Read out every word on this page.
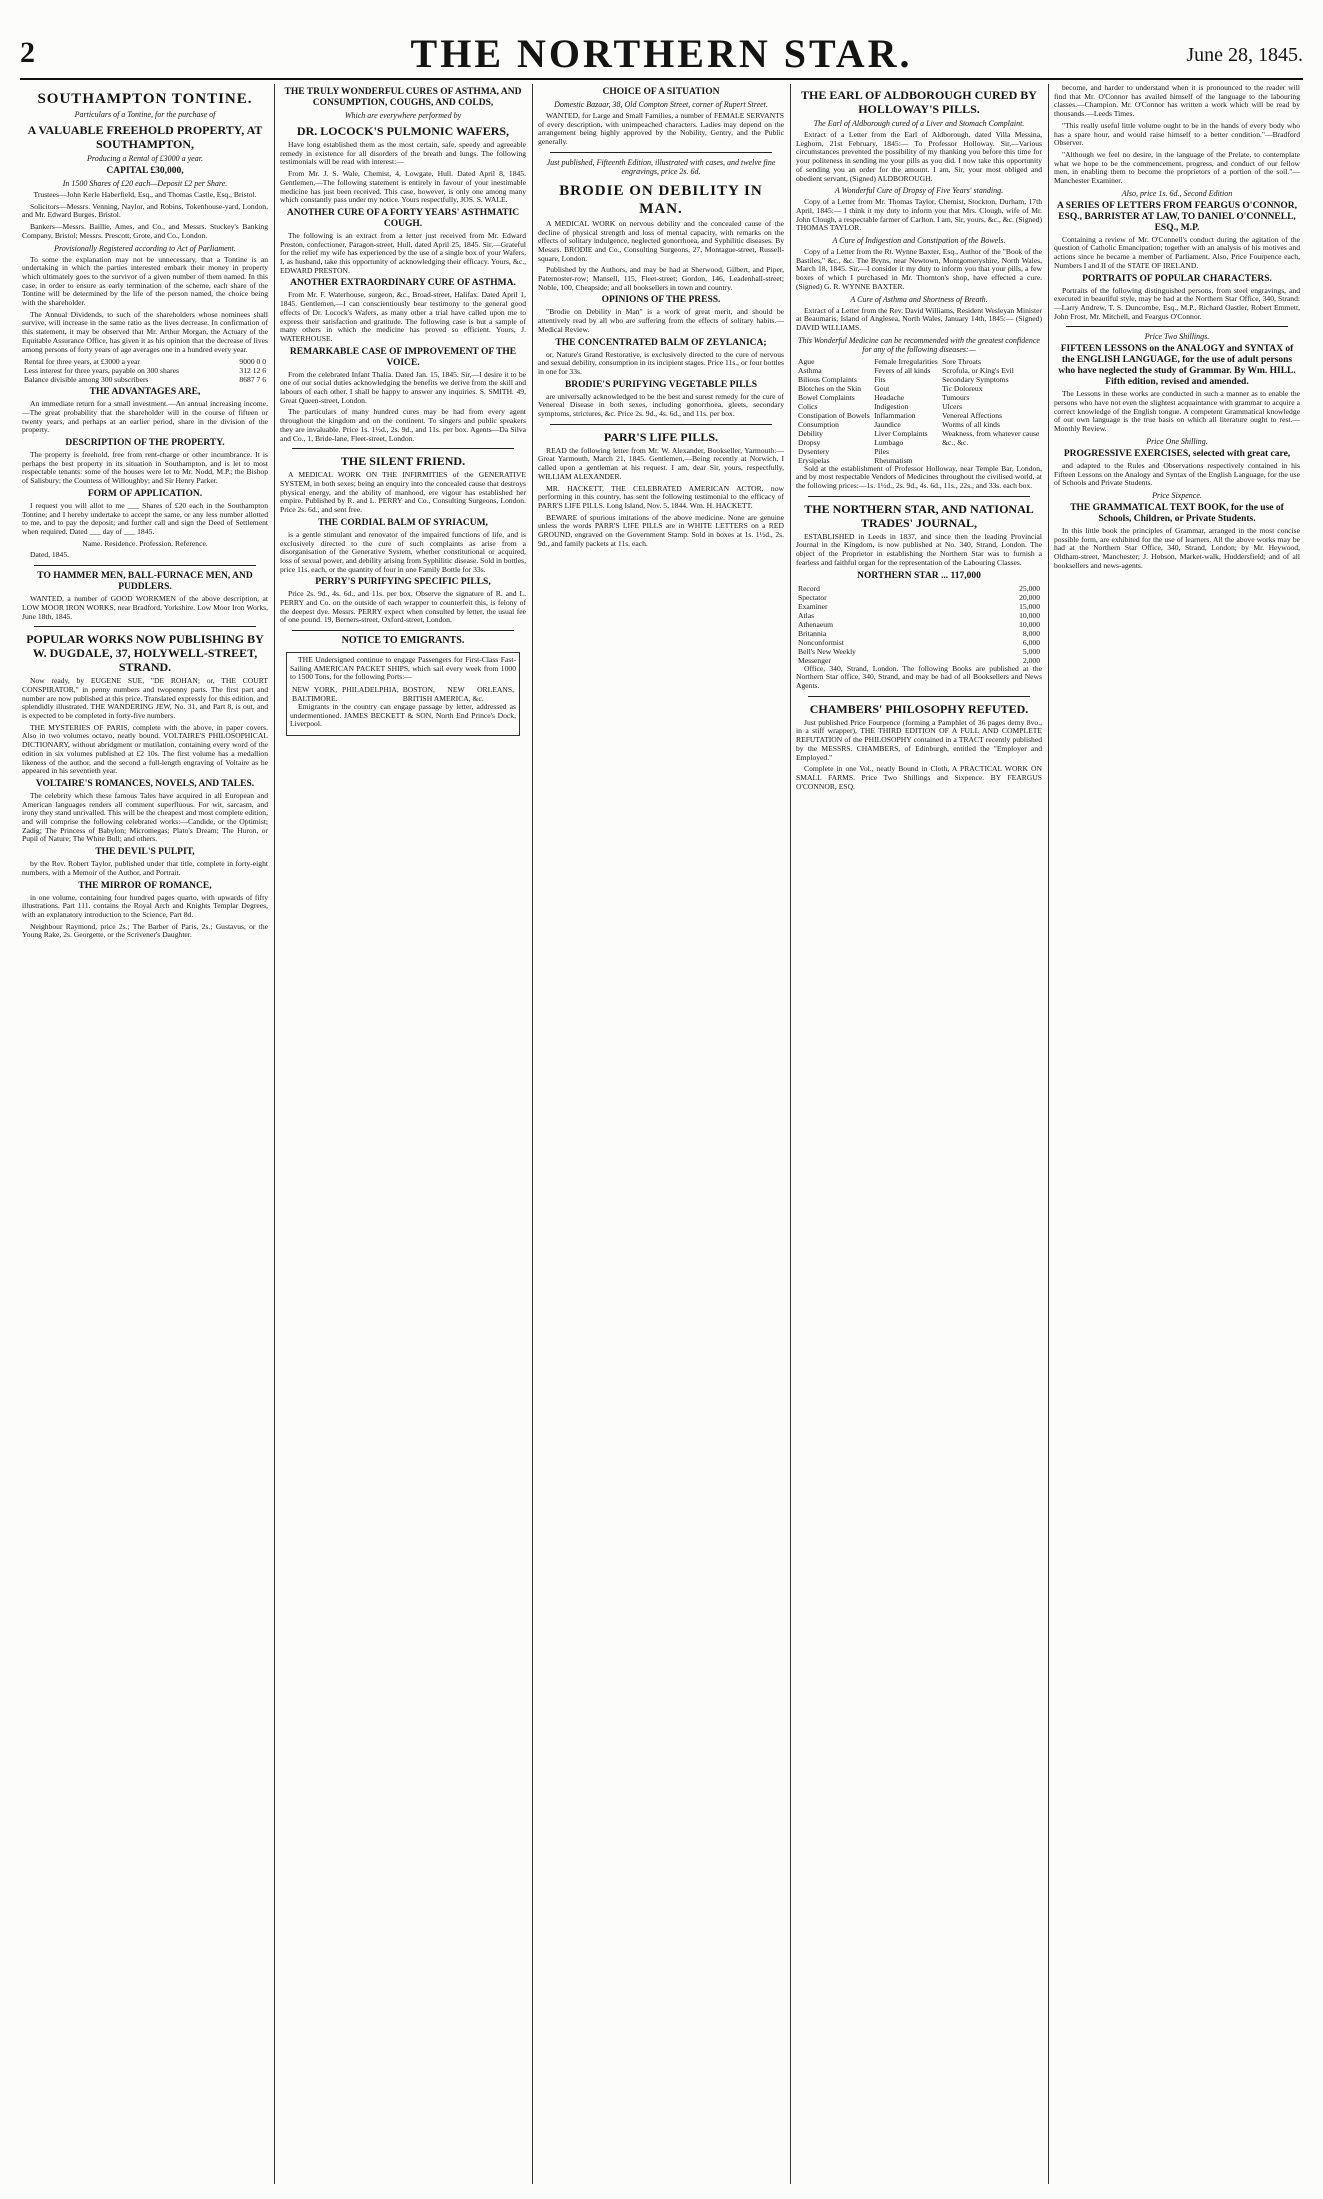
2	THE NORTHERN STAR.	June 28, 1845.
SOUTHAMPTON TONTINE.
Particulars of a Tontine, for the purchase of
A VALUABLE FREEHOLD PROPERTY, AT SOUTHAMPTON,
Producing a Rental of £3000 a year.
CAPITAL £30,000,
In 1500 Shares of £20 each—Deposit £2 per Share.

Trustees—John Kerle Haberfield, Esq., and Thomas Castle, Esq., Bristol.

Solicitors—Messrs. Venning, Naylor, and Robins, Tokenhouse-yard, London, and Mr. Edward Burges, Bristol.

Bankers—Messrs. Baillie, Ames, and Co., and Messrs. Stuckey's Banking Company, Bristol; Messrs. Prescott, Grote, and Co., London.

Provisionally Registered according to Act of Parliament.

To some the explanation may not be unnecessary, that a Tontine is an undertaking in which the parties interested embark their money in property which ultimately goes to the survivor of a given number of them named. In this case, in order to ensure as early termination of the scheme, each share of the Tontine will be determined by the life of the person named, the choice being with the shareholder.

The Annual Dividends, to such of the shareholders whose nominees shall survive, will increase in the same ratio as the lives decrease. In confirmation of this statement, it may be observed that Mr. Arthur Morgan, the Actuary of the Equitable Assurance Office, has given it as his opinion that the decrease of lives among persons of forty years of age averages one in a hundred every year.

Rental for three years, at £3000 a year	9000 0 0
Less interest for three years, payable on 300 shares	312 12 6
Balance divisible among 300 subscribers	8687 7 6
THE ADVANTAGES ARE,

An immediate return for a small investment.—An annual increasing income.—The great probability that the shareholder will in the course of fifteen or twenty years, and perhaps at an earlier period, share in the division of the property.

DESCRIPTION OF THE PROPERTY.

The property is freehold, free from rent-charge or other incumbrance. It is perhaps the best property in its situation in Southampton, and is let to most respectable tenants: some of the houses were let to Mr. Nodd, M.P.; the Bishop of Salisbury; the Countess of Willoughby; and Sir Henry Parker.

FORM OF APPLICATION.

I request you will allot to me ___ Shares of £20 each in the Southampton Tontine; and I hereby undertake to accept the same, or any less number allotted to me, and to pay the deposit; and further call and sign the Deed of Settlement when required. Dated ___ day of ___ 1845.

Name. Residence. Profession. Reference.

Dated, 1845.

TO HAMMER MEN, BALL-FURNACE MEN, AND PUDDLERS.

WANTED, a number of GOOD WORKMEN of the above description, at LOW MOOR IRON WORKS, near Bradford, Yorkshire. Low Moor Iron Works, June 18th, 1845.

POPULAR WORKS NOW PUBLISHING BY W. DUGDALE, 37, HOLYWELL-STREET, STRAND.

Now ready, by EUGENE SUE, "DE ROHAN; or, THE COURT CONSPIRATOR," in penny numbers and twopenny parts. The first part and number are now published at this price. Translated expressly for this edition, and splendidly illustrated. THE WANDERING JEW, No. 31, and Part 8, is out, and is expected to be completed in forty-five numbers.

THE MYSTERIES OF PARIS, complete with the above, in paper covers. Also in two volumes octavo, neatly bound. VOLTAIRE'S PHILOSOPHICAL DICTIONARY, without abridgment or mutilation, containing every word of the edition in six volumes published at £2 10s. The first volume has a medallion likeness of the author, and the second a full-length engraving of Voltaire as he appeared in his seventieth year.

VOLTAIRE'S ROMANCES, NOVELS, AND TALES.

The celebrity which these famous Tales have acquired in all European and American languages renders all comment superfluous. For wit, sarcasm, and irony they stand unrivalled. This will be the cheapest and most complete edition, and will comprise the following celebrated works:—Candide, or the Optimist; Zadig; The Princess of Babylon; Micromegas; Plato's Dream; The Huron, or Pupil of Nature; The White Bull; and others.

THE DEVIL'S PULPIT,

by the Rev. Robert Taylor, published under that title, complete in forty-eight numbers, with a Memoir of the Author, and Portrait.

THE MIRROR OF ROMANCE,

in one volume, containing four hundred pages quarto, with upwards of fifty illustrations. Part 111. contains the Royal Arch and Knights Templar Degrees, with an explanatory introduction to the Science, Part 8d.

Neighbour Raymond, price 2s.; The Barber of Paris, 2s.; Gustavus, or the Young Rake, 2s. Georgette, or the Scrivener's Daughter.

THE TRULY WONDERFUL CURES OF ASTHMA, AND CONSUMPTION, COUGHS, AND COLDS,
Which are everywhere performed by
DR. LOCOCK'S PULMONIC WAFERS,

Have long established them as the most certain, safe, speedy and agreeable remedy in existence for all disorders of the breath and lungs. The following testimonials will be read with interest:—

From Mr. J. S. Wale, Chemist, 4, Lowgate, Hull. Dated April 8, 1845. Gentlemen,—The following statement is entirely in favour of your inestimable medicine has just been received. This case, however, is only one among many which constantly pass under my notice. Yours respectfully, JOS. S. WALE.

ANOTHER CURE OF A FORTY YEARS' ASTHMATIC COUGH.

The following is an extract from a letter just received from Mr. Edward Preston, confectioner, Paragon-street, Hull, dated April 25, 1845. Sir,—Grateful for the relief my wife has experienced by the use of a single box of your Wafers, I, as husband, take this opportunity of acknowledging their efficacy. Yours, &c., EDWARD PRESTON.

ANOTHER EXTRAORDINARY CURE OF ASTHMA.

From Mr. F. Waterhouse, surgeon, &c., Broad-street, Halifax. Dated April 1, 1845. Gentlemen,—I can conscientiously bear testimony to the general good effects of Dr. Locock's Wafers, as many other a trial have called upon me to express their satisfaction and gratitude. The following case is but a sample of many others in which the medicine has proved so efficient. Yours, J. WATERHOUSE.

REMARKABLE CASE OF IMPROVEMENT OF THE VOICE.

From the celebrated Infant Thalia. Dated Jan. 15, 1845. Sir,—I desire it to be one of our social duties acknowledging the benefits we derive from the skill and labours of each other. I shall be happy to answer any inquiries. S. SMITH. 49, Great Queen-street, London.

The particulars of many hundred cures may be had from every agent throughout the kingdom and on the continent. To singers and public speakers they are invaluable. Price 1s. 1½d., 2s. 9d., and 11s. per box. Agents—Da Silva and Co., 1, Bride-lane, Fleet-street, London.

THE SILENT FRIEND.

A MEDICAL WORK ON THE INFIRMITIES of the GENERATIVE SYSTEM, in both sexes; being an enquiry into the concealed cause that destroys physical energy, and the ability of manhood, ere vigour has established her empire. Published by R. and L. PERRY and Co., Consulting Surgeons, London. Price 2s. 6d., and sent free.

THE CORDIAL BALM OF SYRIACUM,

is a gentle stimulant and renovator of the impaired functions of life, and is exclusively directed to the cure of such complaints as arise from a disorganisation of the Generative System, whether constitutional or acquired, loss of sexual power, and debility arising from Syphilitic disease. Sold in bottles, price 11s. each, or the quantity of four in one Family Bottle for 33s.

PERRY'S PURIFYING SPECIFIC PILLS,

Price 2s. 9d., 4s. 6d., and 11s. per box. Observe the signature of R. and L. PERRY and Co. on the outside of each wrapper to counterfeit this, is felony of the deepest dye. Messrs. PERRY expect when consulted by letter, the usual fee of one pound. 19, Berners-street, Oxford-street, London.

NOTICE TO EMIGRANTS.

THE Undersigned continue to engage Passengers for First-Class Fast-Sailing AMERICAN PACKET SHIPS, which sail every week from 1000 to 1500 Tons, for the following Ports:—

NEW YORK, PHILADELPHIA, BALTIMORE.	BOSTON, NEW ORLEANS, BRITISH AMERICA, &c.

Emigrants in the country can engage passage by letter, addressed as undermentioned. JAMES BECKETT & SON, North End Prince's Dock, Liverpool.

CHOICE OF A SITUATION
Domestic Bazaar, 38, Old Compton Street, corner of Rupert Street.

WANTED, for Large and Small Families, a number of FEMALE SERVANTS of every description, with unimpeached characters. Ladies may depend on the arrangement being highly approved by the Nobility, Gentry, and the Public generally.

Just published, Fifteenth Edition, illustrated with cases, and twelve fine engravings, price 2s. 6d.
BRODIE ON DEBILITY IN MAN.

A MEDICAL WORK on nervous debility and the concealed cause of the decline of physical strength and loss of mental capacity, with remarks on the effects of solitary indulgence, neglected gonorrhoea, and Syphilitic diseases. By Messrs. BRODIE and Co., Consulting Surgeons, 27, Montague-street, Russell-square, London.

Published by the Authors, and may be had at Sherwood, Gilbert, and Piper, Paternoster-row; Mansell, 115, Fleet-street; Gordon, 146, Leadenhall-street; Noble, 100, Cheapside; and all booksellers in town and country.

OPINIONS OF THE PRESS.

"Brodie on Debility in Man" is a work of great merit, and should be attentively read by all who are suffering from the effects of solitary habits.—Medical Review.

THE CONCENTRATED BALM OF ZEYLANICA;

or, Nature's Grand Restorative, is exclusively directed to the cure of nervous and sexual debility, consumption in its incipient stages. Price 11s., or four bottles in one for 33s.

BRODIE'S PURIFYING VEGETABLE PILLS

are universally acknowledged to be the best and surest remedy for the cure of Venereal Disease in both sexes, including gonorrhoea, gleets, secondary symptoms, strictures, &c. Price 2s. 9d., 4s. 6d., and 11s. per box.

PARR'S LIFE PILLS.

READ the following letter from Mr. W. Alexander, Bookseller, Yarmouth:— Great Yarmouth, March 21, 1845. Gentlemen,—Being recently at Norwich, I called upon a gentleman at his request. I am, dear Sir, yours, respectfully, WILLIAM ALEXANDER.

MR. HACKETT, THE CELEBRATED AMERICAN ACTOR, now performing in this country, has sent the following testimonial to the efficacy of PARR'S LIFE PILLS. Long Island, Nov. 5, 1844. Wm. H. HACKETT.

BEWARE of spurious imitations of the above medicine. None are genuine unless the words PARR'S LIFE PILLS are in WHITE LETTERS on a RED GROUND, engraved on the Government Stamp. Sold in boxes at 1s. 1½d., 2s. 9d., and family packets at 11s. each.

THE EARL OF ALDBOROUGH CURED BY HOLLOWAY'S PILLS.
The Earl of Aldborough cured of a Liver and Stomach Complaint.

Extract of a Letter from the Earl of Aldborough, dated Villa Messina, Leghorn, 21st February, 1845:— To Professor Holloway. Sir,—Various circumstances prevented the possibility of my thanking you before this time for your politeness in sending me your pills as you did. I now take this opportunity of sending you an order for the amount. I am, Sir, your most obliged and obedient servant, (Signed) ALDBOROUGH.

A Wonderful Cure of Dropsy of Five Years' standing.

Copy of a Letter from Mr. Thomas Taylor, Chemist, Stockton, Durham, 17th April, 1845:— I think it my duty to inform you that Mrs. Clough, wife of Mr. John Clough, a respectable farmer of Carlton. I am, Sir, yours, &c., &c. (Signed) THOMAS TAYLOR.

A Cure of Indigestion and Constipation of the Bowels.

Copy of a Letter from the Rt. Wynne Baxter, Esq., Author of the "Book of the Bastiles," &c., &c. The Bryns, near Newtown, Montgomeryshire, North Wales, March 18, 1845. Sir,—I consider it my duty to inform you that your pills, a few boxes of which I purchased in Mr. Thornton's shop, have effected a cure. (Signed) G. R. WYNNE BAXTER.

A Cure of Asthma and Shortness of Breath.

Extract of a Letter from the Rev. David Williams, Resident Wesleyan Minister at Beaumaris, Island of Anglesea, North Wales, January 14th, 1845:— (Signed) DAVID WILLIAMS.

This Wonderful Medicine can be recommended with the greatest confidence for any of the following diseases:—
Ague	Female Irregularities	Sore Throats
Asthma	Fevers of all kinds	Scrofula, or King's Evil
Bilious Complaints	Fits	Secondary Symptoms
Blotches on the Skin	Gout	Tic Doloreux
Bowel Complaints	Headache	Tumours
Colics	Indigestion	Ulcers
Constipation of Bowels	Inflammation	Venereal Affections
Consumption	Jaundice	Worms of all kinds
Debility	Liver Complaints	Weakness, from whatever cause
Dropsy	Lumbago	&c., &c.
Dysentery	Piles	
Erysipelas	Rheumatism	

Sold at the establishment of Professor Holloway, near Temple Bar, London, and by most respectable Vendors of Medicines throughout the civilised world, at the following prices:—1s. 1½d., 2s. 9d., 4s. 6d., 11s., 22s., and 33s. each box.

THE NORTHERN STAR, AND NATIONAL TRADES' JOURNAL,

ESTABLISHED in Leeds in 1837, and since then the leading Provincial Journal in the Kingdom, is now published at No. 340, Strand, London. The object of the Proprietor in establishing the Northern Star was to furnish a fearless and faithful organ for the representation of the Labouring Classes.

NORTHERN STAR ... 117,000
Record	25,000
Spectator	20,000
Examiner	15,000
Atlas	10,000
Athenaeum	10,000
Britannia	8,000
Nonconformist	6,000
Bell's New Weekly	5,000
Messenger	2,000

Office, 340, Strand, London. The following Books are published at the Northern Star office, 340, Strand, and may be had of all Booksellers and News Agents.

CHAMBERS' PHILOSOPHY REFUTED.

Just published Price Fourpence (forming a Pamphlet of 36 pages demy 8vo., in a stiff wrapper), THE THIRD EDITION OF A FULL AND COMPLETE REFUTATION of the PHILOSOPHY contained in a TRACT recently published by the MESSRS. CHAMBERS, of Edinburgh, entitled the "Employer and Employed."

Complete in one Vol., neatly Bound in Cloth, A PRACTICAL WORK ON SMALL FARMS. Price Two Shillings and Sixpence. BY FEARGUS O'CONNOR, ESQ.

become, and harder to understand when it is pronounced to the reader will find that Mr. O'Connor has availed himself of the language to the labouring classes.—Champion. Mr. O'Connor has written a work which will be read by thousands.—Leeds Times.

"This really useful little volume ought to be in the hands of every body who has a spare hour, and would raise himself to a better condition."—Bradford Observer.

"Although we feel no desire, in the language of the Prelate, to contemplate what we hope to be the commencement, progress, and conduct of our fellow men, in enabling them to become the proprietors of a portion of the soil."—Manchester Examiner.

Also, price 1s. 6d., Second Edition
A SERIES OF LETTERS FROM FEARGUS O'CONNOR, ESQ., BARRISTER AT LAW, TO DANIEL O'CONNELL, ESQ., M.P.

Containing a review of Mr. O'Connell's conduct during the agitation of the question of Catholic Emancipation; together with an analysis of his motives and actions since he became a member of Parliament. Also, Price Fourpence each, Numbers I and II of the STATE OF IRELAND.

PORTRAITS OF POPULAR CHARACTERS.

Portraits of the following distinguished persons, from steel engravings, and executed in beautiful style, may be had at the Northern Star Office, 340, Strand:—Larry Andrew, T. S. Duncombe, Esq., M.P., Richard Oastler, Robert Emmett, John Frost, Mr. Mitchell, and Feargus O'Connor.

Price Two Shillings.
FIFTEEN LESSONS on the ANALOGY and SYNTAX of the ENGLISH LANGUAGE, for the use of adult persons who have neglected the study of Grammar. By Wm. HILL. Fifth edition, revised and amended.

The Lessons in these works are conducted in such a manner as to enable the persons who have not even the slightest acquaintance with grammar to acquire a correct knowledge of the English tongue. A competent Grammatical knowledge of our own language is the true basis on which all literature ought to rest.—Monthly Review.

Price One Shilling.
PROGRESSIVE EXERCISES, selected with great care,

and adapted to the Rules and Observations respectively contained in his Fifteen Lessons on the Analogy and Syntax of the English Language, for the use of Schools and Private Students.

Price Sixpence.
THE GRAMMATICAL TEXT BOOK, for the use of Schools, Children, or Private Students.

In this little book the principles of Grammar, arranged in the most concise possible form, are exhibited for the use of learners. All the above works may be had at the Northern Star Office, 340, Strand, London; by Mr. Heywood, Oldham-street, Manchester; J. Hobson, Market-walk, Huddersfield; and of all booksellers and news-agents.
